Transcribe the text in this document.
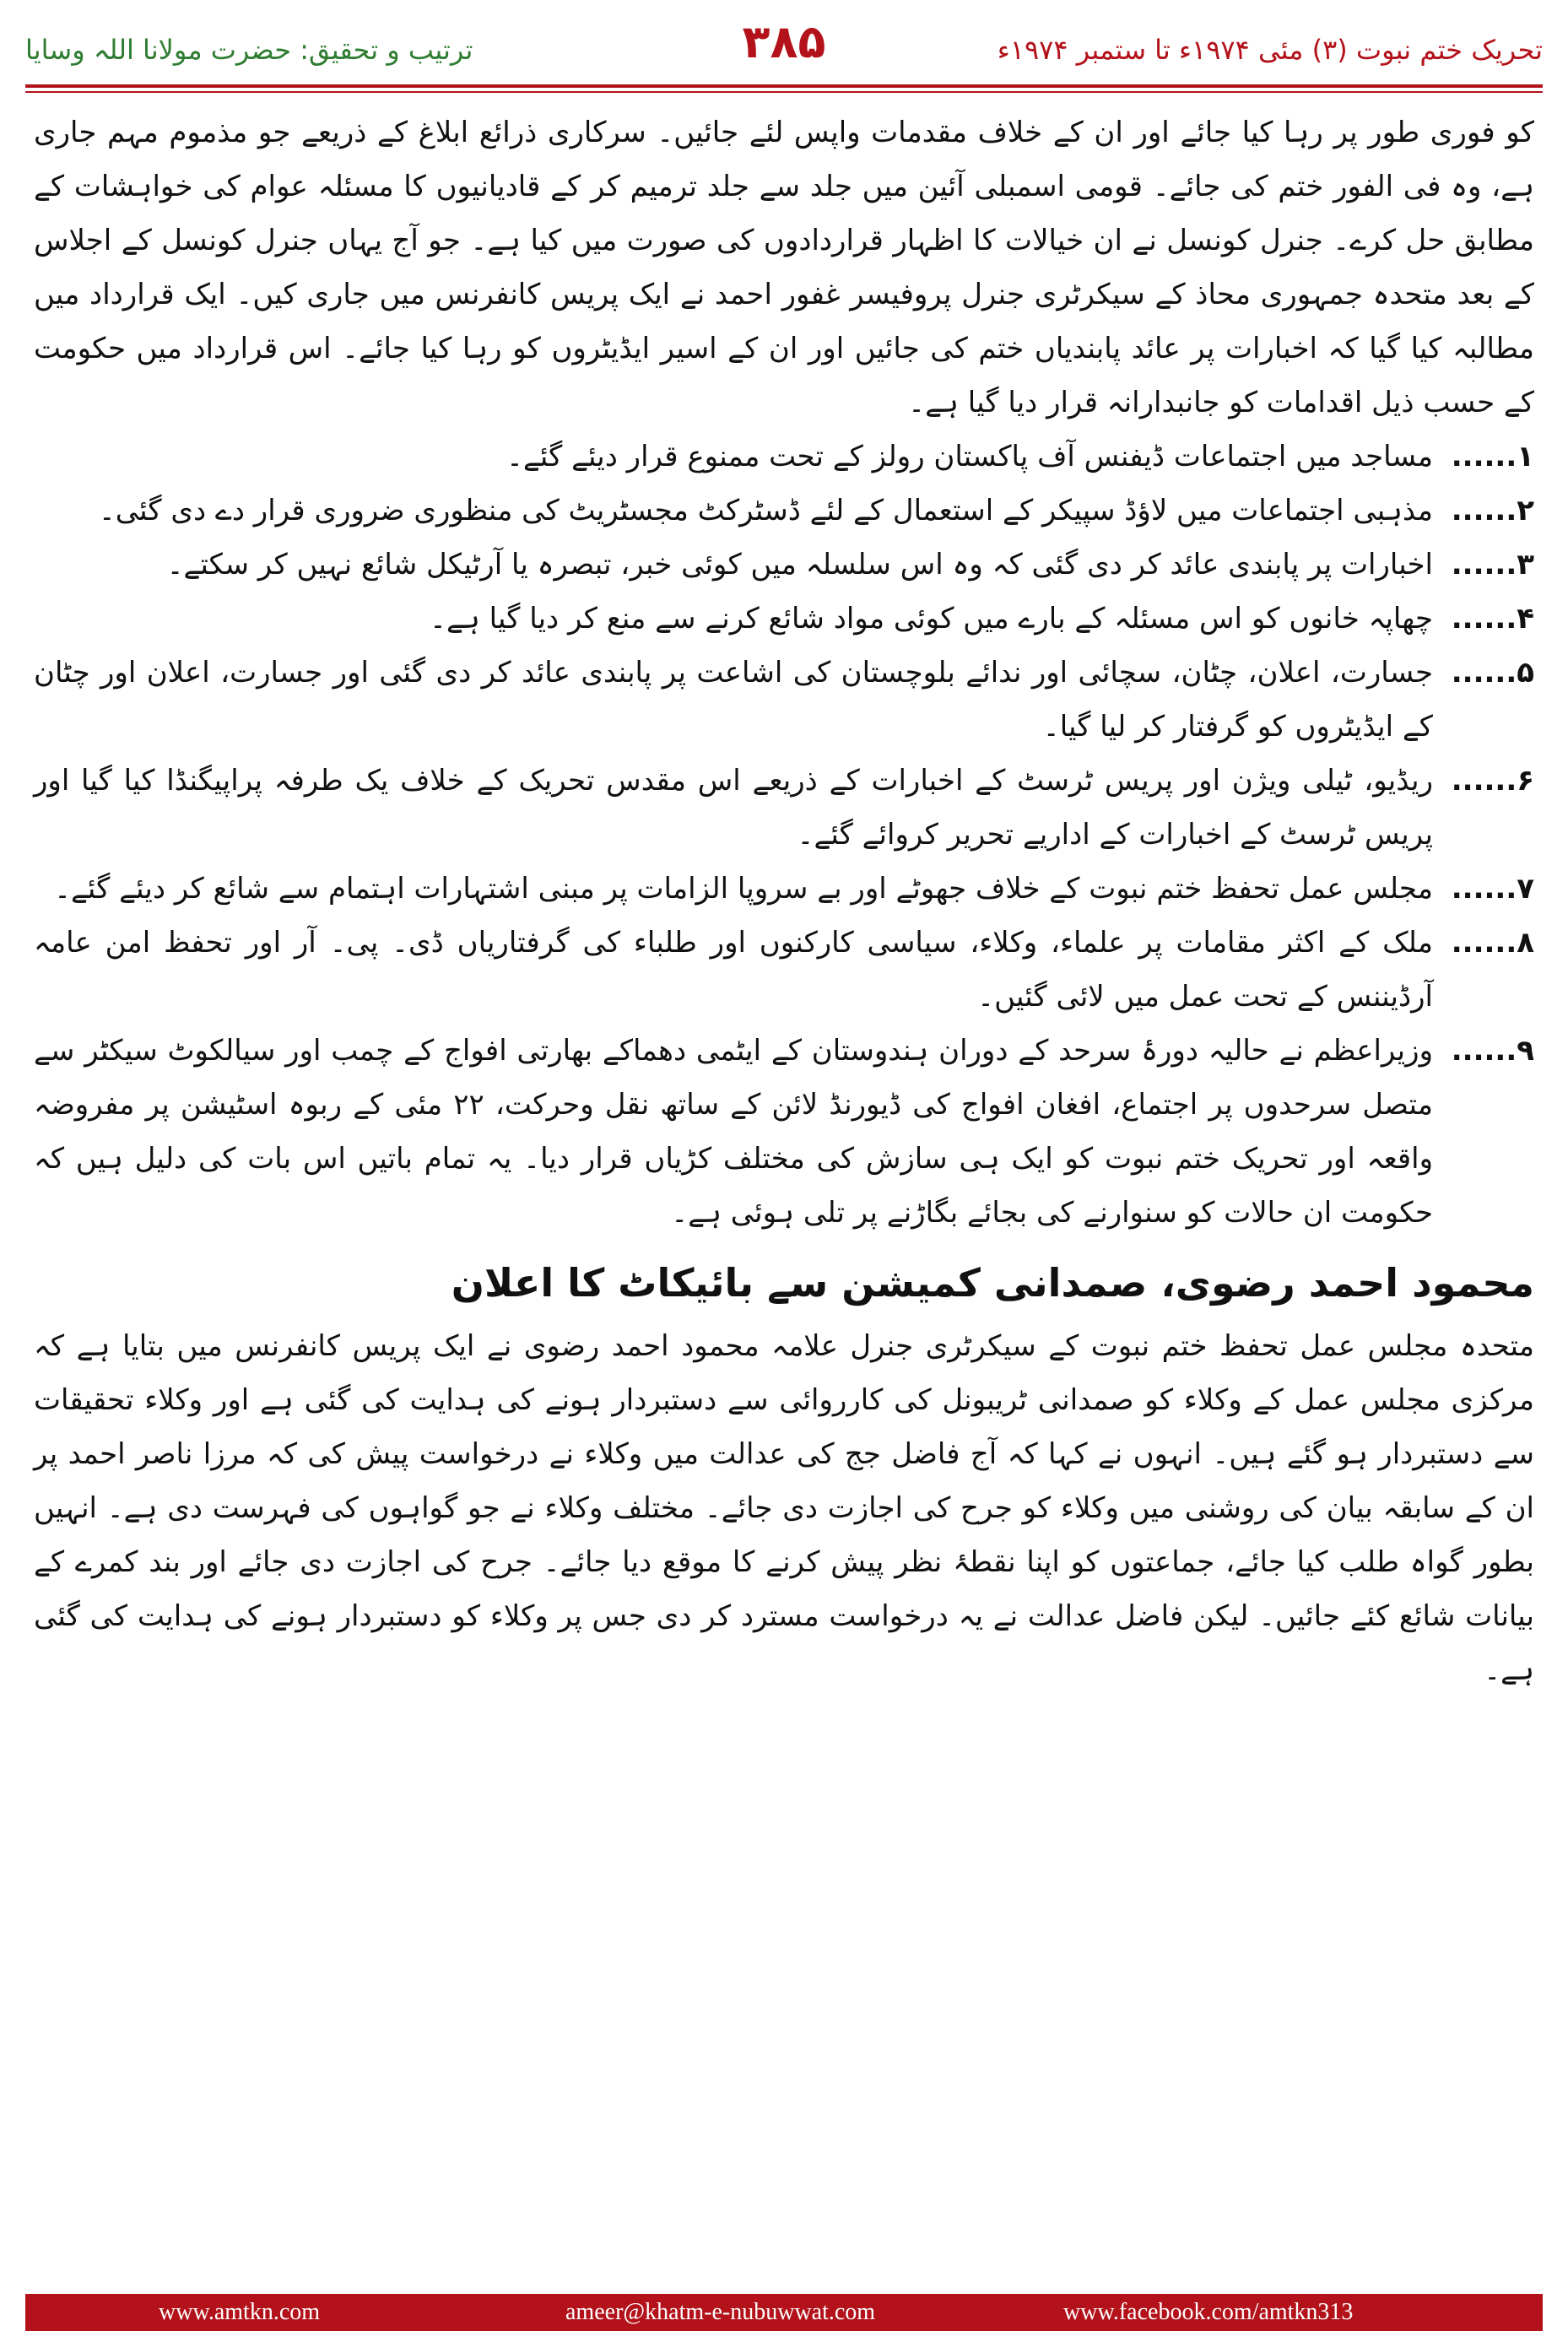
ترتیب و تحقیق: حضرت مولانا اللہ وسایا	۳۸۵	تحریک ختم نبوت (۳) مئی ۱۹۷۴ء تا ستمبر ۱۹۷۴ء

کو فوری طور پر رہا کیا جائے اور ان کے خلاف مقدمات واپس لئے جائیں۔ سرکاری ذرائع ابلاغ کے ذریعے جو مذموم مہم جاری ہے، وہ فی الفور ختم کی جائے۔ قومی اسمبلی آئین میں جلد سے جلد ترمیم کر کے قادیانیوں کا مسئلہ عوام کی خواہشات کے مطابق حل کرے۔ جنرل کونسل نے ان خیالات کا اظہار قراردادوں کی صورت میں کیا ہے۔ جو آج یہاں جنرل کونسل کے اجلاس کے بعد متحدہ جمہوری محاذ کے سیکرٹری جنرل پروفیسر غفور احمد نے ایک پریس کانفرنس میں جاری کیں۔ ایک قرارداد میں مطالبہ کیا گیا کہ اخبارات پر عائد پابندیاں ختم کی جائیں اور ان کے اسیر ایڈیٹروں کو رہا کیا جائے۔ اس قرارداد میں حکومت کے حسب ذیل اقدامات کو جانبدارانہ قرار دیا گیا ہے۔

۱......
مساجد میں اجتماعات ڈیفنس آف پاکستان رولز کے تحت ممنوع قرار دیئے گئے۔
۲......
مذہبی اجتماعات میں لاؤڈ سپیکر کے استعمال کے لئے ڈسٹرکٹ مجسٹریٹ کی منظوری ضروری قرار دے دی گئی۔
۳......
اخبارات پر پابندی عائد کر دی گئی کہ وہ اس سلسلہ میں کوئی خبر، تبصرہ یا آرٹیکل شائع نہیں کر سکتے۔
۴......
چھاپہ خانوں کو اس مسئلہ کے بارے میں کوئی مواد شائع کرنے سے منع کر دیا گیا ہے۔
۵......
جسارت، اعلان، چٹان، سچائی اور ندائے بلوچستان کی اشاعت پر پابندی عائد کر دی گئی اور جسارت، اعلان اور چٹان کے ایڈیٹروں کو گرفتار کر لیا گیا۔
۶......
ریڈیو، ٹیلی ویژن اور پریس ٹرسٹ کے اخبارات کے ذریعے اس مقدس تحریک کے خلاف یک طرفہ پراپیگنڈا کیا گیا اور پریس ٹرسٹ کے اخبارات کے اداریے تحریر کروائے گئے۔
۷......
مجلس عمل تحفظ ختم نبوت کے خلاف جھوٹے اور بے سروپا الزامات پر مبنی اشتہارات اہتمام سے شائع کر دیئے گئے۔
۸......
ملک کے اکثر مقامات پر علماء، وکلاء، سیاسی کارکنوں اور طلباء کی گرفتاریاں ڈی۔ پی۔ آر اور تحفظ امن عامہ آرڈیننس کے تحت عمل میں لائی گئیں۔
۹......
وزیراعظم نے حالیہ دورۂ سرحد کے دوران ہندوستان کے ایٹمی دھماکے بھارتی افواج کے چمب اور سیالکوٹ سیکٹر سے متصل سرحدوں پر اجتماع، افغان افواج کی ڈیورنڈ لائن کے ساتھ نقل وحرکت، ۲۲ مئی کے ربوہ اسٹیشن پر مفروضہ واقعہ اور تحریک ختم نبوت کو ایک ہی سازش کی مختلف کڑیاں قرار دیا۔ یہ تمام باتیں اس بات کی دلیل ہیں کہ حکومت ان حالات کو سنوارنے کی بجائے بگاڑنے پر تلی ہوئی ہے۔
محمود احمد رضوی، صمدانی کمیشن سے بائیکاٹ کا اعلان

متحدہ مجلس عمل تحفظ ختم نبوت کے سیکرٹری جنرل علامہ محمود احمد رضوی نے ایک پریس کانفرنس میں بتایا ہے کہ مرکزی مجلس عمل کے وکلاء کو صمدانی ٹریبونل کی کارروائی سے دستبردار ہونے کی ہدایت کی گئی ہے اور وکلاء تحقیقات سے دستبردار ہو گئے ہیں۔ انہوں نے کہا کہ آج فاضل جج کی عدالت میں وکلاء نے درخواست پیش کی کہ مرزا ناصر احمد پر ان کے سابقہ بیان کی روشنی میں وکلاء کو جرح کی اجازت دی جائے۔ مختلف وکلاء نے جو گواہوں کی فہرست دی ہے۔ انہیں بطور گواہ طلب کیا جائے، جماعتوں کو اپنا نقطۂ نظر پیش کرنے کا موقع دیا جائے۔ جرح کی اجازت دی جائے اور بند کمرے کے بیانات شائع کئے جائیں۔ لیکن فاضل عدالت نے یہ درخواست مسترد کر دی جس پر وکلاء کو دستبردار ہونے کی ہدایت کی گئی ہے۔

www.amtkn.com	ameer@khatm-e-nubuwwat.com	www.facebook.com/amtkn313
